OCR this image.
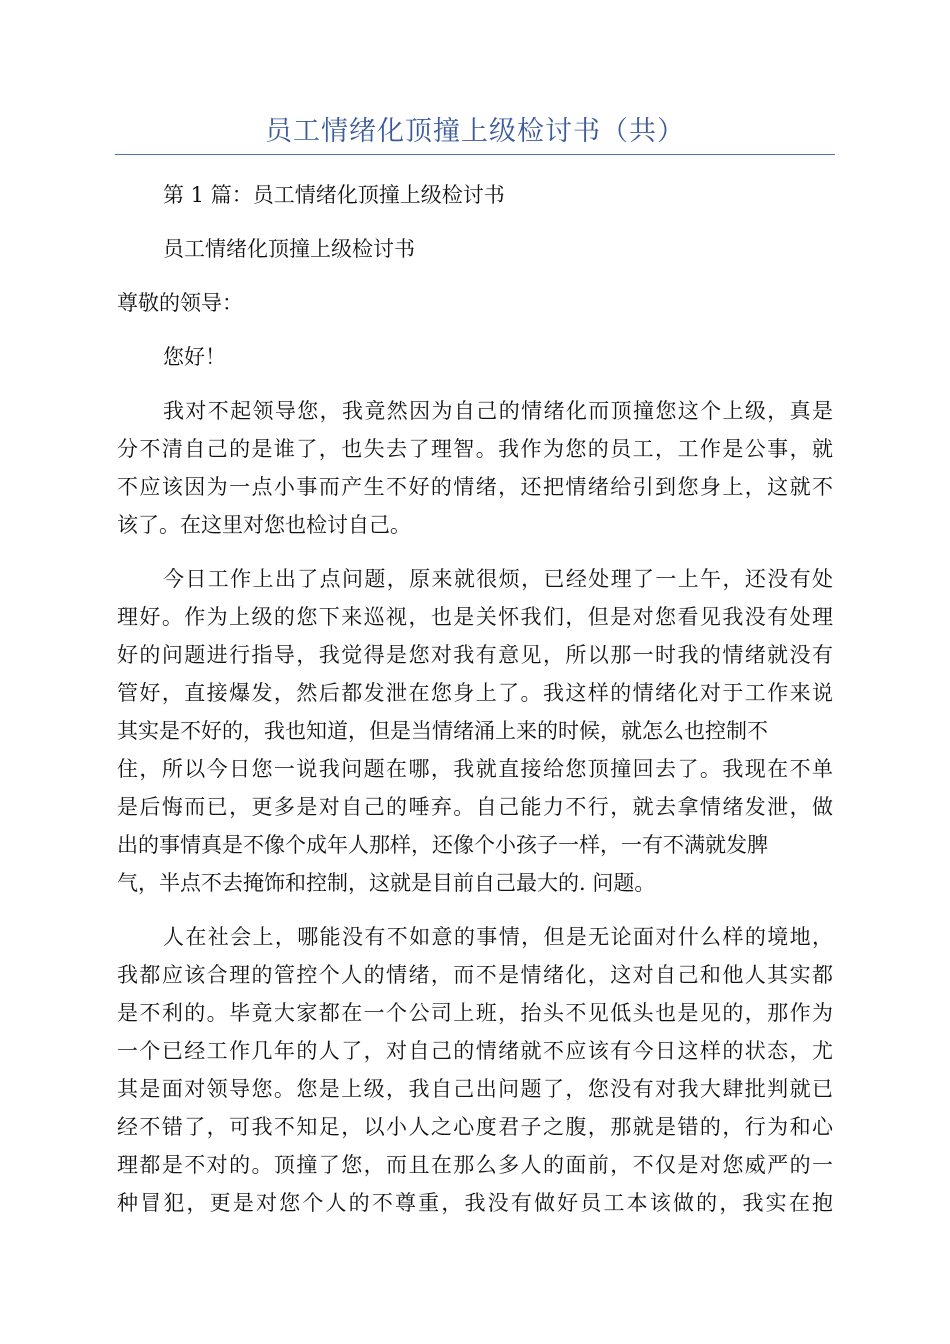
员工情绪化顶撞上级检讨书（共）
第 1 篇：员工情绪化顶撞上级检讨书
员工情绪化顶撞上级检讨书
尊敬的领导：
您好！
我对不起领导您，我竟然因为自己的情绪化而顶撞您这个上级，真是
分不清自己的是谁了，也失去了理智。我作为您的员工，工作是公事，就
不应该因为一点小事而产生不好的情绪，还把情绪给引到您身上，这就不
该了。在这里对您也检讨自己。
今日工作上出了点问题，原来就很烦，已经处理了一上午，还没有处
理好。作为上级的您下来巡视，也是关怀我们，但是对您看见我没有处理
好的问题进行指导，我觉得是您对我有意见，所以那一时我的情绪就没有
管好，直接爆发，然后都发泄在您身上了。我这样的情绪化对于工作来说
其实是不好的，我也知道，但是当情绪涌上来的时候，就怎么也控制不
住，所以今日您一说我问题在哪，我就直接给您顶撞回去了。我现在不单
是后悔而已，更多是对自己的唾弃。自己能力不行，就去拿情绪发泄，做
出的事情真是不像个成年人那样，还像个小孩子一样，一有不满就发脾
气，半点不去掩饰和控制，这就是目前自己最大的. 问题。
人在社会上，哪能没有不如意的事情，但是无论面对什么样的境地，
我都应该合理的管控个人的情绪，而不是情绪化，这对自己和他人其实都
是不利的。毕竟大家都在一个公司上班，抬头不见低头也是见的，那作为
一个已经工作几年的人了，对自己的情绪就不应该有今日这样的状态，尤
其是面对领导您。您是上级，我自己出问题了，您没有对我大肆批判就已
经不错了，可我不知足，以小人之心度君子之腹，那就是错的，行为和心
理都是不对的。顶撞了您，而且在那么多人的面前，不仅是对您威严的一
种冒犯，更是对您个人的不尊重，我没有做好员工本该做的，我实在抱
